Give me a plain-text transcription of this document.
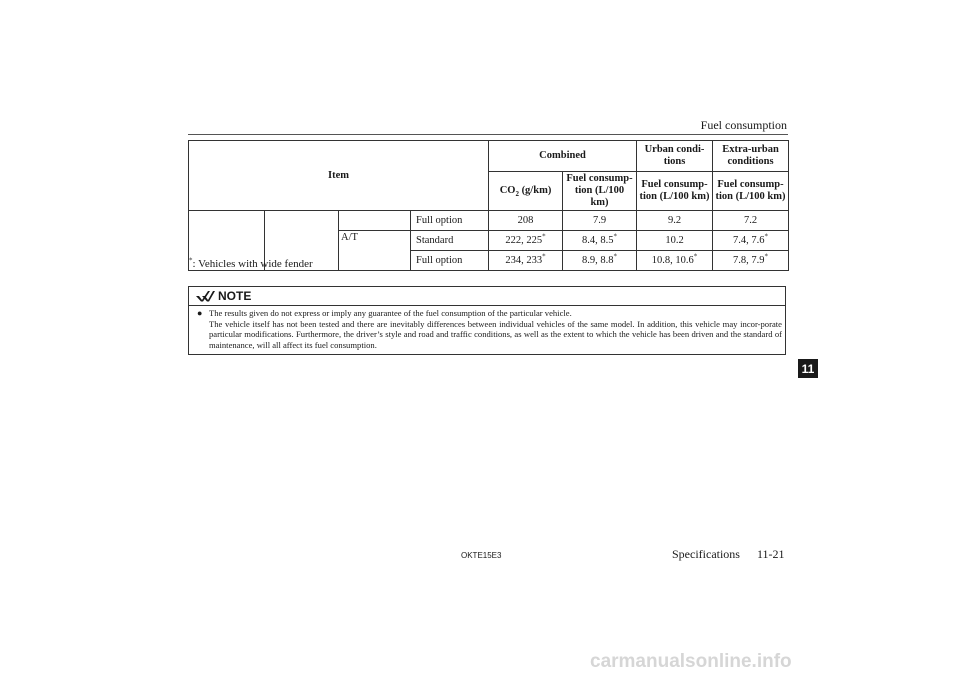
Fuel consumption
Item				Combined		Urban condi-tions	Extra-urban conditions
				$CO_2$ (g/km)	Fuel consump-tion (L/100 km)	Fuel consump-tion (L/100 km)	Fuel consump-tion (L/100 km)
			Full option	208	7.9	9.2	7.2
		A/T	Standard	222, 225*	8.4, 8.5*	10.2	7.4, 7.6*
			Full option	234, 233*	8.9, 8.8*	10.8, 10.6*	7.8, 7.9*
*: Vehicles with wide fender
NOTE
● The results given do not express or imply any guarantee of the fuel consumption of the particular vehicle.

The vehicle itself has not been tested and there are inevitably differences between individual vehicles of the same model. In addition, this vehicle may incor-porate particular modifications. Furthermore, the driver’s style and road and traffic conditions, as well as the extent to which the vehicle has been driven and the standard of maintenance, will all affect its fuel consumption.

11
OKTE15E3	Specifications 11-21
carmanualsonline.info
